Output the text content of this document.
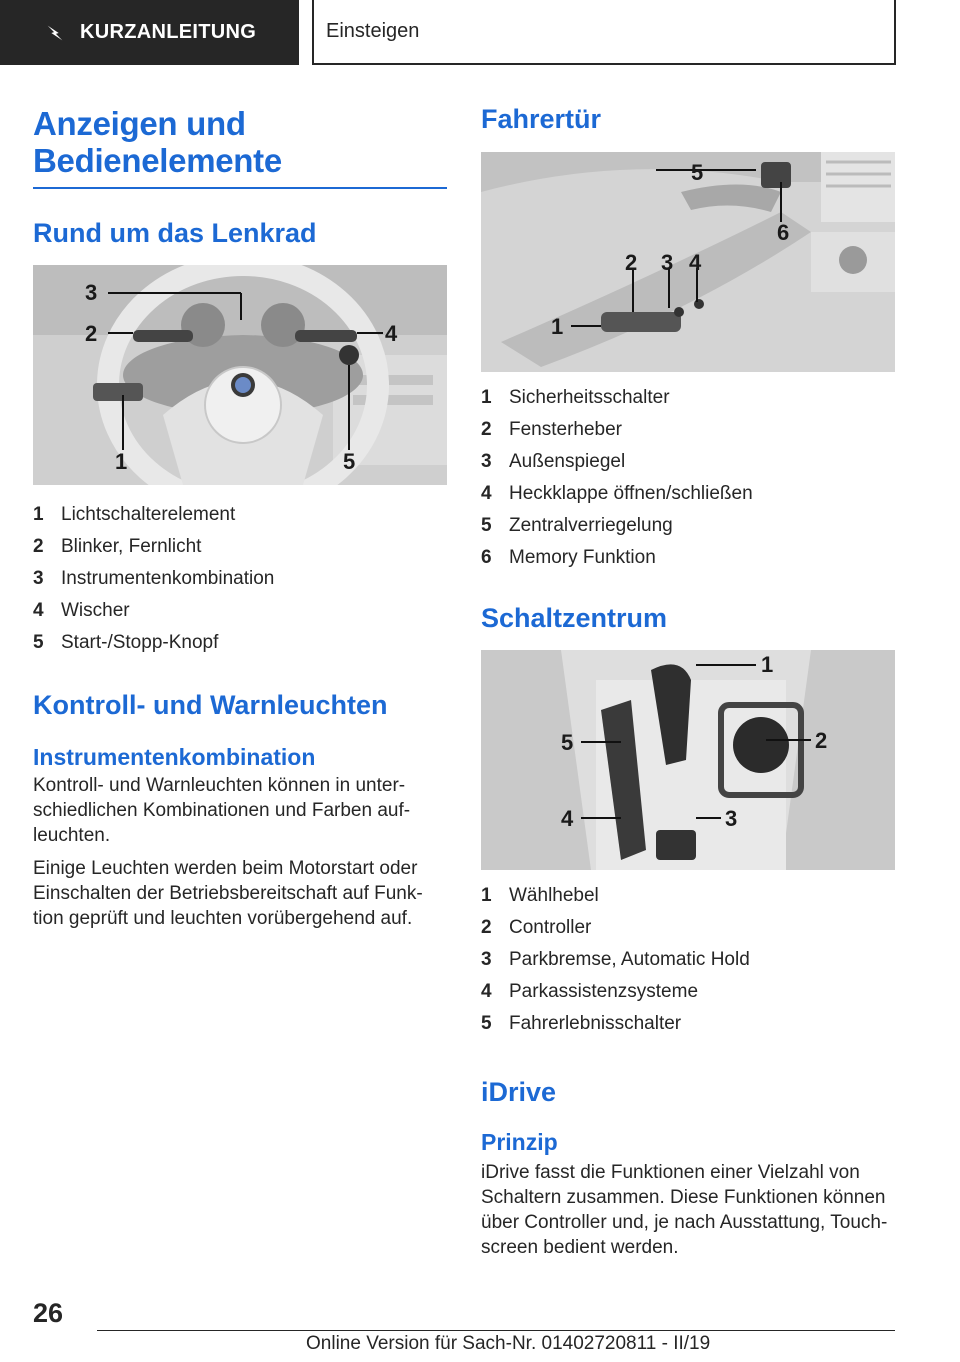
KURZANLEITUNG	Einsteigen
Anzeigen und Bedienelemente
Rund um das Lenkrad
3
2	4
1	5
1 Lichtschalterelement
2 Blinker, Fernlicht
3 Instrumentenkombination
4 Wischer
5 Start-/Stopp-Knopf
Kontroll- und Warnleuchten
Instrumentenkombination

Kontroll- und Warnleuchten können in unter-schiedlichen Kombinationen und Farben auf-leuchten.

Einige Leuchten werden beim Motorstart oder Einschalten der Betriebsbereitschaft auf Funk-tion geprüft und leuchten vorübergehend auf.

Fahrertür
5
6
2 3 4
1
1 Sicherheitsschalter
2 Fensterheber
3 Außenspiegel
4 Heckklappe öffnen/schließen
5 Zentralverriegelung
6 Memory Funktion
Schaltzentrum
1
2
3
4
5
1 Wählhebel
2 Controller
3 Parkbremse, Automatic Hold
4 Parkassistenzsysteme
5 Fahrerlebnisschalter
iDrive
Prinzip

iDrive fasst die Funktionen einer Vielzahl von Schaltern zusammen. Diese Funktionen können über Controller und, je nach Ausstattung, Touch-screen bedient werden.

26
Online Version für Sach-Nr. 01402720811 - II/19
